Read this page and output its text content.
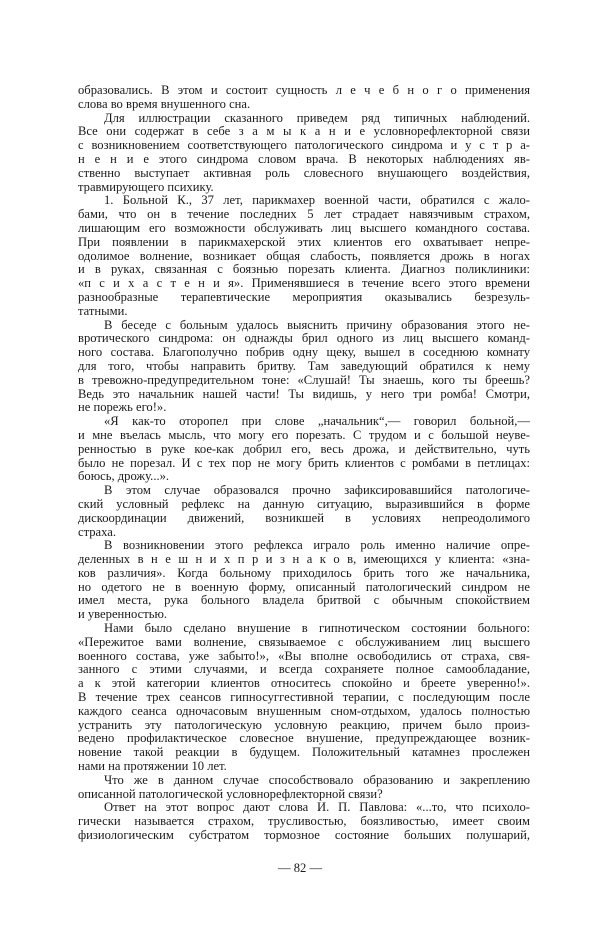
образовались. В этом и состоит сущность л е ч е б н о г о применения
слова во время внушенного сна.
Для иллюстрации сказанного приведем ряд типичных наблюдений.
Все они содержат в себе з а м ы к а н и е условнорефлекторной связи
с возникновением соответствующего патологического синдрома и у с т р а-
н е н и е этого синдрома словом врача. В некоторых наблюдениях яв-
ственно выступает активная роль словесного внушающего воздействия,
травмирующего психику.
1. Больной К., 37 лет, парикмахер военной части, обратился с жало-
бами, что он в течение последних 5 лет страдает навязчивым страхом,
лишающим его возможности обслуживать лиц высшего командного состава.
При появлении в парикмахерской этих клиентов его охватывает непре-
одолимое волнение, возникает общая слабость, появляется дрожь в ногах
и в руках, связанная с боязнью порезать клиента. Диагноз поликлиники:
«п с и х а с т е н и я». Применявшиеся в течение всего этого времени
разнообразные терапевтические мероприятия оказывались безрезуль-
татными.
В беседе с больным удалось выяснить причину образования этого не-
вротического синдрома: он однажды брил одного из лиц высшего команд-
ного состава. Благополучно побрив одну щеку, вышел в соседнюю комнату
для того, чтобы направить бритву. Там заведующий обратился к нему
в тревожно-предупредительном тоне: «Слушай! Ты знаешь, кого ты бреешь?
Ведь это начальник нашей части! Ты видишь, у него три ромба! Смотри,
не порежь его!».
«Я как-то оторопел при слове „начальник“,— говорил больной,—
и мне въелась мысль, что могу его порезать. С трудом и с большой неуве-
ренностью в руке кое-как добрил его, весь дрожа, и действительно, чуть
было не порезал. И с тех пор не могу брить клиентов с ромбами в петлицах:
боюсь, дрожу...».
В этом случае образовался прочно зафиксировавшийся патологиче-
ский условный рефлекс на данную ситуацию, выразившийся в форме
дискоординации движений, возникшей в условиях непреодолимого
страха.
В возникновении этого рефлекса играло роль именно наличие опре-
деленных в н е ш н и х п р и з н а к о в, имеющихся у клиента: «зна-
ков различия». Когда больному приходилось брить того же начальника,
но одетого не в военную форму, описанный патологический синдром не
имел места, рука больного владела бритвой с обычным спокойствием
и уверенностью.
Нами было сделано внушение в гипнотическом состоянии больного:
«Пережитое вами волнение, связываемое с обслуживанием лиц высшего
военного состава, уже забыто!», «Вы вполне освободились от страха, свя-
занного с этими случаями, и всегда сохраняете полное самообладание,
а к этой категории клиентов относитесь спокойно и бреете уверенно!».
В течение трех сеансов гипносуггестивной терапии, с последующим после
каждого сеанса одночасовым внушенным сном-отдыхом, удалось полностью
устранить эту патологическую условную реакцию, причем было произ-
ведено профилактическое словесное внушение, предупреждающее возник-
новение такой реакции в будущем. Положительный катамнез прослежен
нами на протяжении 10 лет.
Что же в данном случае способствовало образованию и закреплению
описанной патологической условнорефлекторной связи?
Ответ на этот вопрос дают слова И. П. Павлова: «...то, что психоло-
гически называется страхом, трусливостью, боязливостью, имеет своим
физиологическим субстратом тормозное состояние больших полушарий,
— 82 —
